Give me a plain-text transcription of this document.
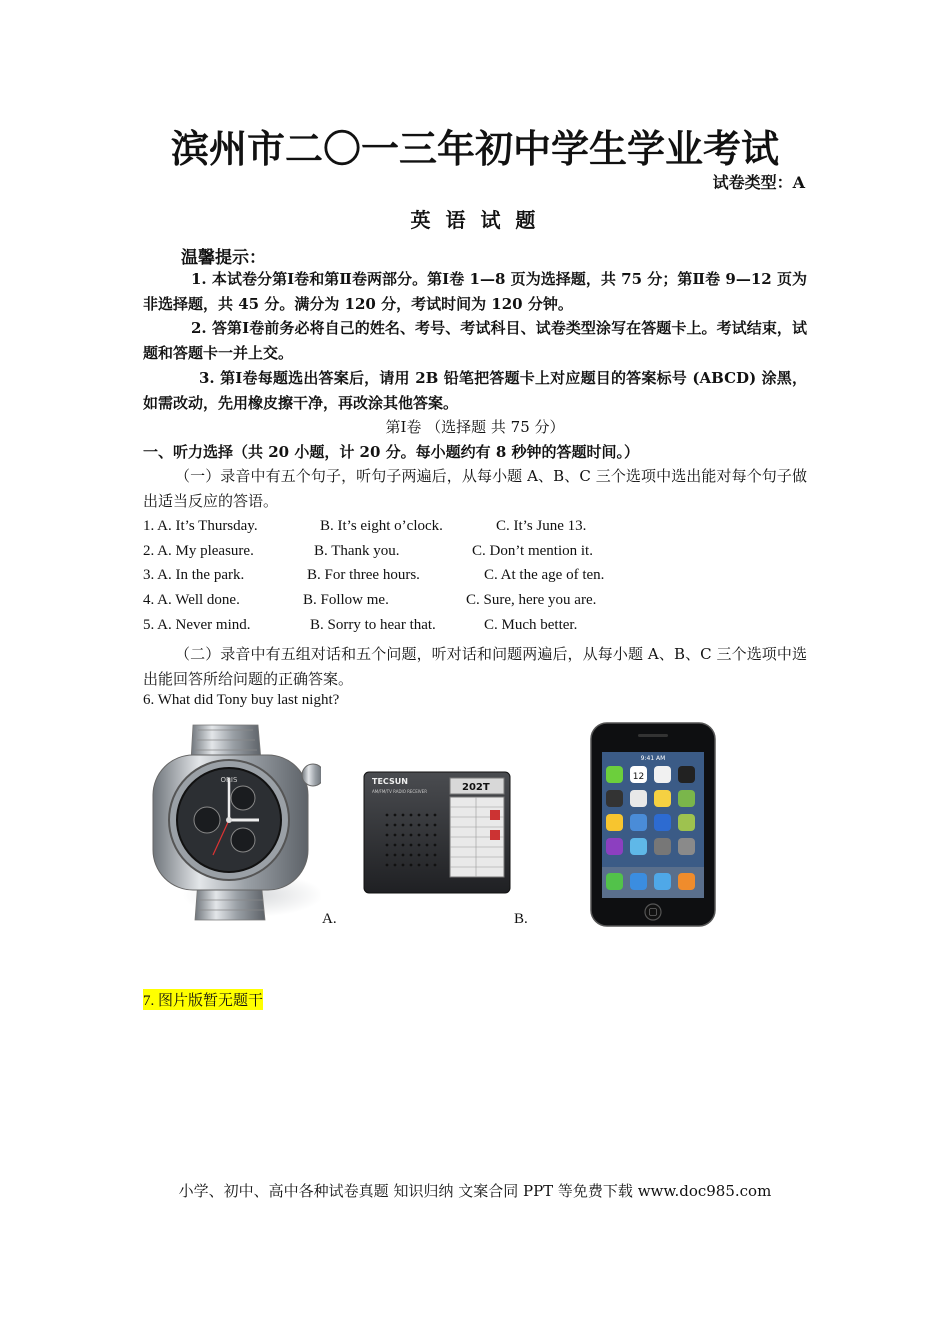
滨州市二〇一三年初中学生学业考试
试卷类型：A
英 语 试 题
温馨提示：
1. 本试卷分第Ⅰ卷和第Ⅱ卷两部分。第Ⅰ卷 1—8 页为选择题，共 75 分；第Ⅱ卷 9—12 页为非选择题，共 45 分。满分为 120 分，考试时间为 120 分钟。
2. 答第Ⅰ卷前务必将自己的姓名、考号、考试科目、试卷类型涂写在答题卡上。考试结束，试题和答题卡一并上交。
3. 第Ⅰ卷每题选出答案后，请用 2B 铅笔把答题卡上对应题目的答案标号 (ABCD) 涂黑，如需改动，先用橡皮擦干净，再改涂其他答案。
第Ⅰ卷 （选择题 共 75 分）
一、听力选择（共 20 小题，计 20 分。每小题约有 8 秒钟的答题时间。）
（一）录音中有五个句子，听句子两遍后，从每小题 A、B、C 三个选项中选出能对每个句子做出适当反应的答语。
1. A. It’s Thursday.	B. It’s eight o’clock.	C. It’s June 13.
2. A. My pleasure.	B. Thank you.	C. Don’t mention it.
3. A. In the park.	B. For three hours.	C. At the age of ten.
4. A. Well done.	B. Follow me.	C. Sure, here you are.
5. A. Never mind.	B. Sorry to hear that.	C. Much better.
（二）录音中有五组对话和五个问题，听对话和问题两遍后，从每小题 A、B、C 三个选项中选出能回答所给问题的正确答案。
6. What did Tony buy last night?
ORIS
A.
TECSUN
AM/FM/TV RADIO RECEIVER	202T
B.
9:41 AM
12
7. 图片版暂无题干
小学、初中、高中各种试卷真题 知识归纳 文案合同 PPT 等免费下载 www.doc985.com
